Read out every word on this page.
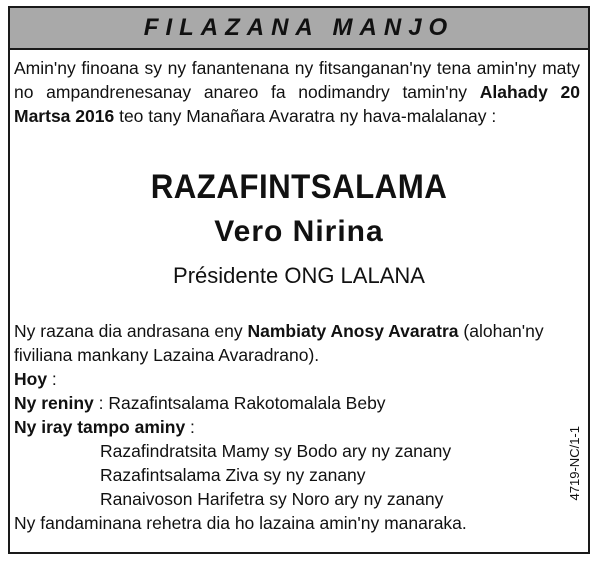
FILAZANA MANJO
Amin'ny finoana sy ny fanantenana ny fitsanganan'ny tena amin'ny maty
no ampandrenesanay anareo fa nodimandry tamin'ny Alahady 20
Martsa 2016 teo tany Manañara Avaratra ny hava-malalanay :
RAZAFINTSALAMA
Vero Nirina
Présidente ONG LALANA
Ny razana dia andrasana eny Nambiaty Anosy Avaratra (alohan'ny
fiviliana mankany Lazaina Avaradrano).
Hoy :
Ny reniny : Razafintsalama Rakotomalala Beby
Ny iray tampo aminy :
Razafindratsita Mamy sy Bodo ary ny zanany
Razafintsalama Ziva sy ny zanany
Ranaivoson Harifetra sy Noro ary ny zanany
Ny fandaminana rehetra dia ho lazaina amin'ny manaraka.
4719-NC/1-1
